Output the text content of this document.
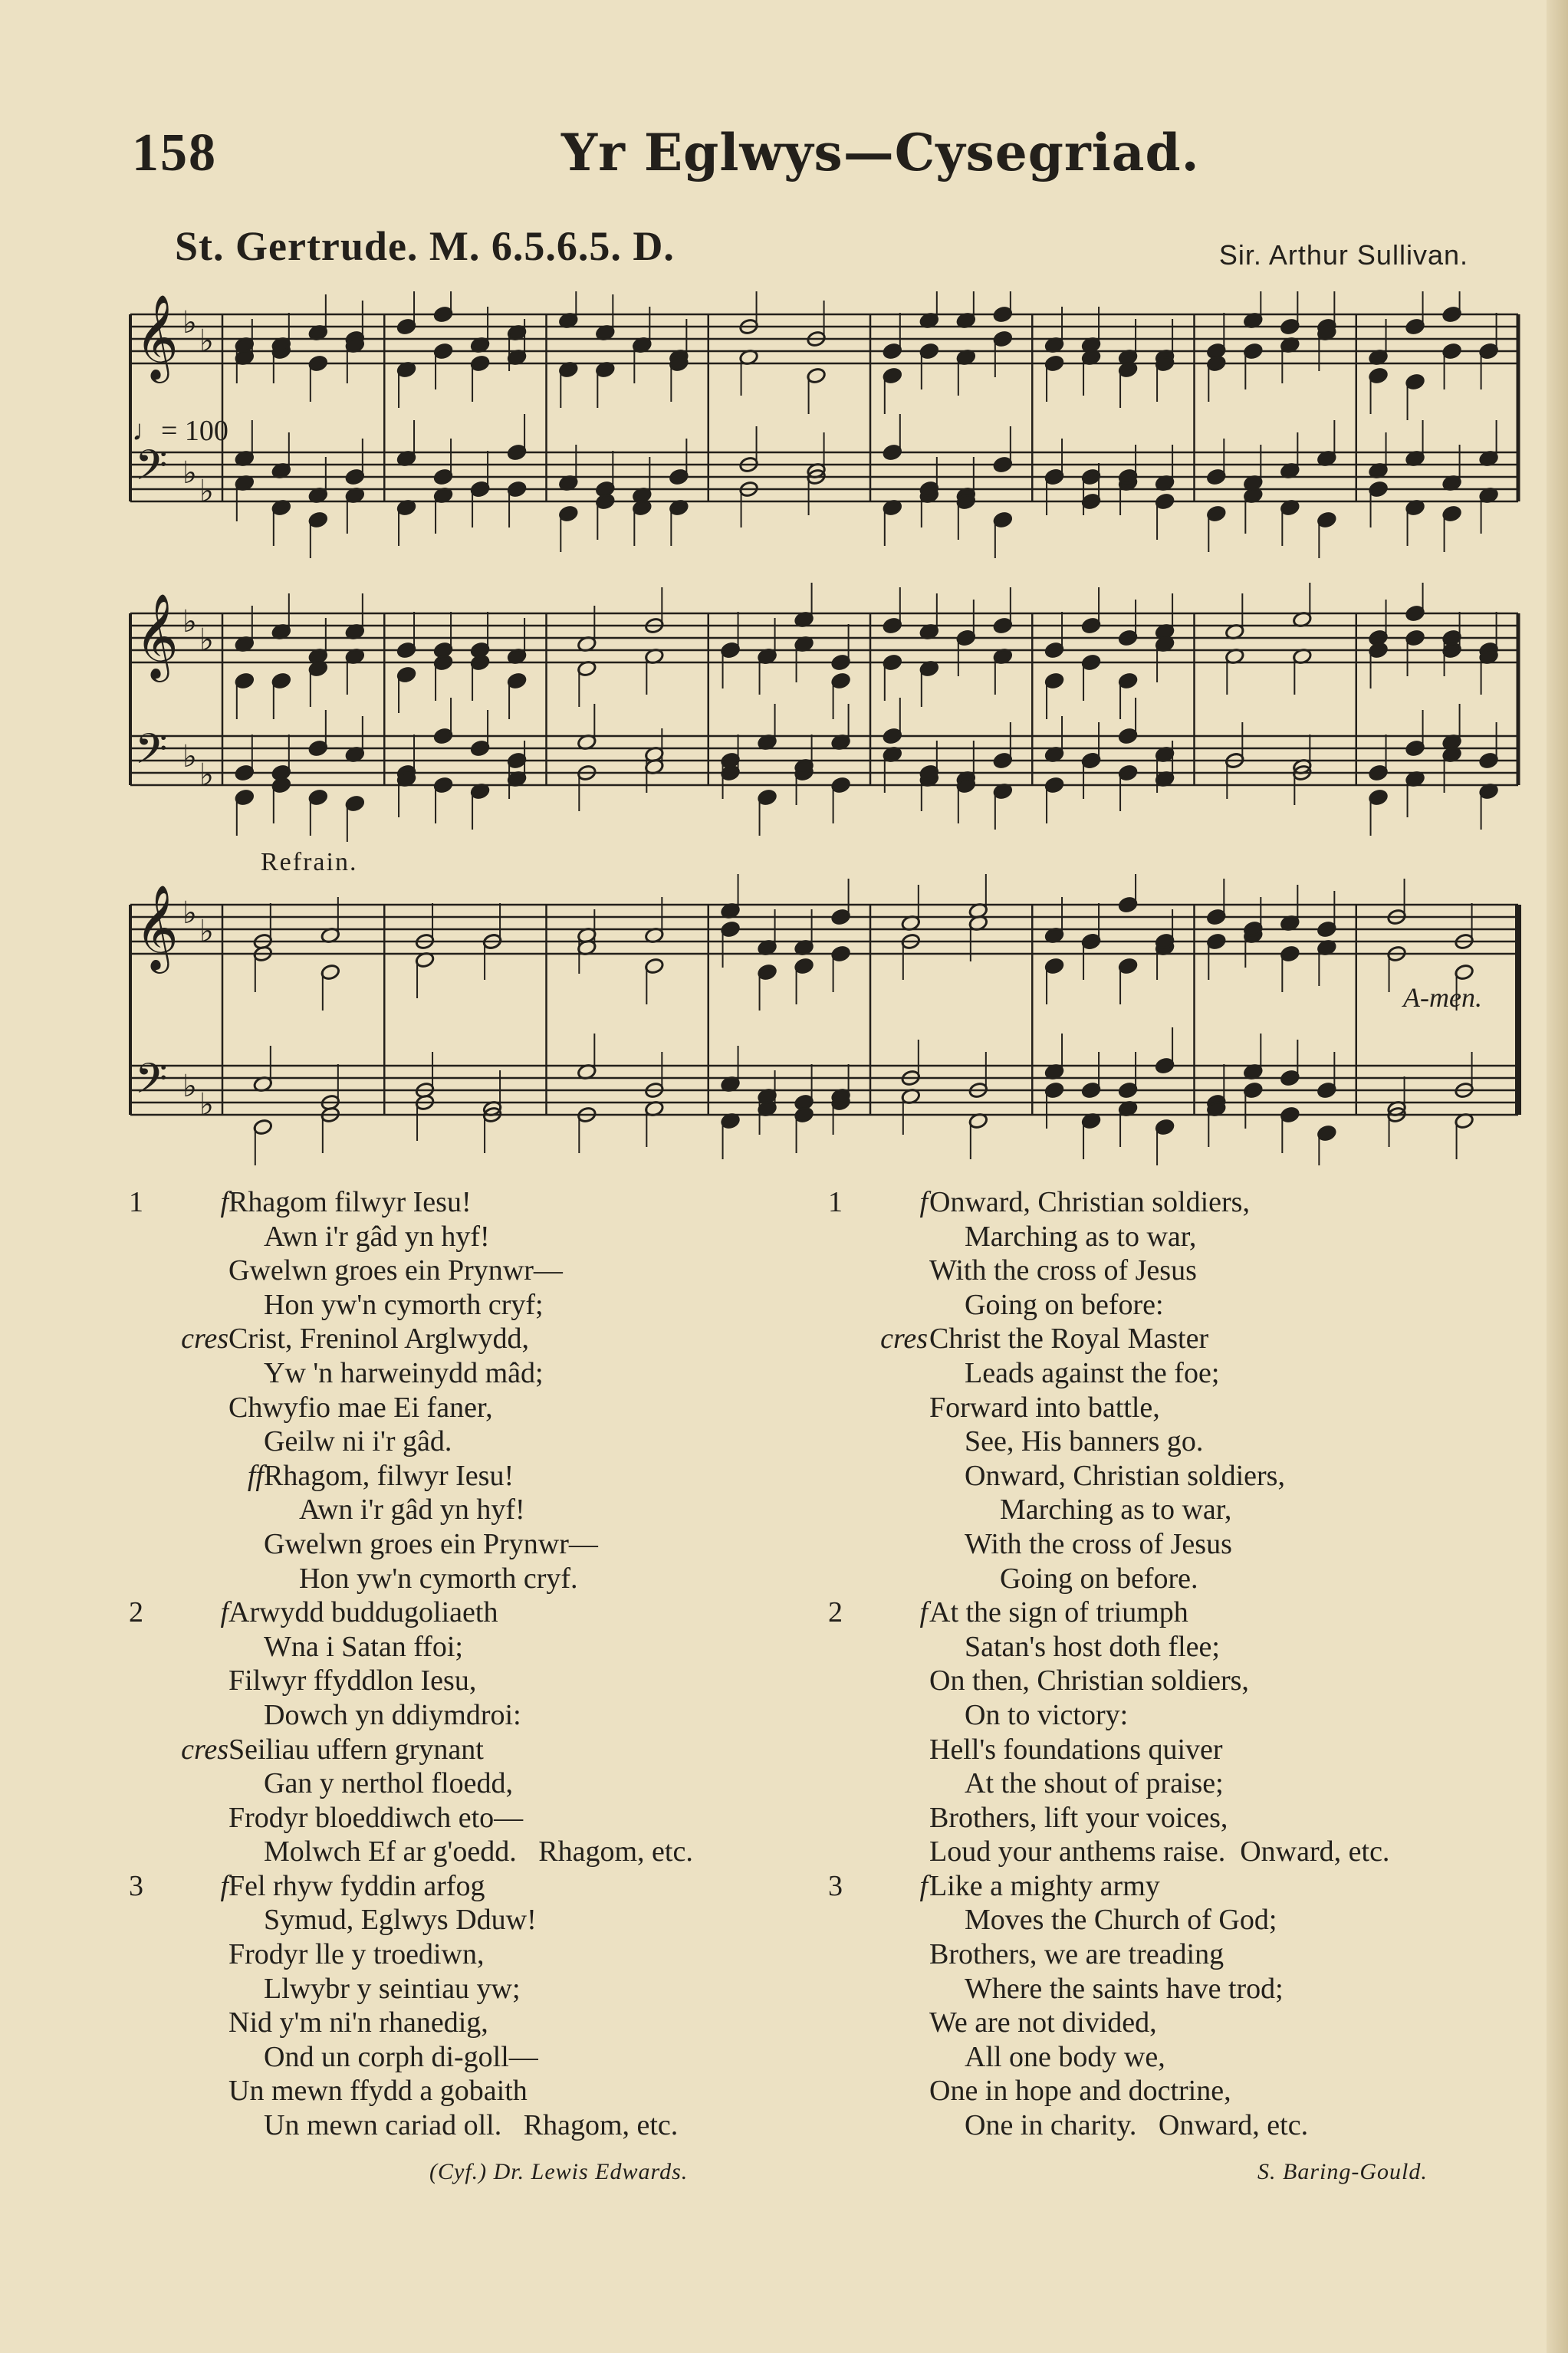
158	Yr Eglwys—Cysegriad.
St. Gertrude. M. 6.5.6.5. D.	Sir. Arthur Sullivan.
♩= 100
Refrain.
A-men.
𝄞 ♭
♭
𝄢 ♭
♭
𝄞 ♭
♭
𝄢 ♭
♭
𝄞 ♭
♭
𝄢 ♭
♭
1	f Rhagom filwyr Iesu!
Awn i'r gâd yn hyf!
Gwelwn groes ein Prynwr—
Hon yw'n cymorth cryf;
cres Crist, Freninol Arglwydd,
Yw 'n harweinydd mâd;
Chwyfio mae Ei faner,
Geilw ni i'r gâd.
ff Rhagom, filwyr Iesu!
Awn i'r gâd yn hyf!
Gwelwn groes ein Prynwr—
Hon yw'n cymorth cryf.
2	f Arwydd buddugoliaeth
Wna i Satan ffoi;
Filwyr ffyddlon Iesu,
Dowch yn ddiymdroi:
cres Seiliau uffern grynant
Gan y nerthol floedd,
Frodyr bloeddiwch eto—
Molwch Ef ar g'oedd.   Rhagom, etc.
3	f Fel rhyw fyddin arfog
Symud, Eglwys Dduw!
Frodyr lle y troediwn,
Llwybr y seintiau yw;
Nid y'm ni'n rhanedig,
Ond un corph di-goll—
Un mewn ffydd a gobaith
Un mewn cariad oll.   Rhagom, etc.
1	f Onward, Christian soldiers,
Marching as to war,
With the cross of Jesus
Going on before:
cres Christ the Royal Master
Leads against the foe;
Forward into battle,
See, His banners go.
Onward, Christian soldiers,
Marching as to war,
With the cross of Jesus
Going on before.
2	f At the sign of triumph
Satan's host doth flee;
On then, Christian soldiers,
On to victory:
Hell's foundations quiver
At the shout of praise;
Brothers, lift your voices,
Loud your anthems raise.  Onward, etc.
3	f Like a mighty army
Moves the Church of God;
Brothers, we are treading
Where the saints have trod;
We are not divided,
All one body we,
One in hope and doctrine,
One in charity.   Onward, etc.
(Cyf.) Dr. Lewis Edwards.	S. Baring-Gould.
